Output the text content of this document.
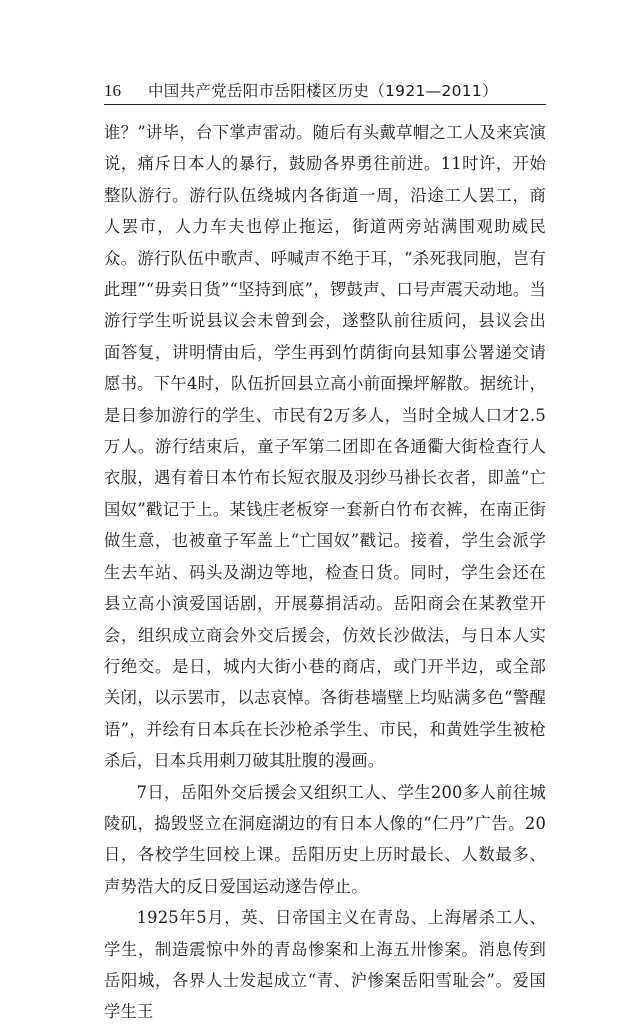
16	中国共产党岳阳市岳阳楼区历史（1921—2011）

谁？”讲毕，台下掌声雷动。随后有头戴草帽之工人及来宾演说，痛斥日本人的暴行，鼓励各界勇往前进。11时许，开始整队游行。游行队伍绕城内各街道一周，沿途工人罢工，商人罢市，人力车夫也停止拖运，街道两旁站满围观助威民众。游行队伍中歌声、呼喊声不绝于耳，“杀死我同胞，岂有此理”“毋卖日货”“坚持到底”，锣鼓声、口号声震天动地。当游行学生听说县议会未曾到会，遂整队前往质问，县议会出面答复，讲明情由后，学生再到竹荫街向县知事公署递交请愿书。下午4时，队伍折回县立高小前面操坪解散。据统计，是日参加游行的学生、市民有2万多人，当时全城人口才2.5万人。游行结束后，童子军第二团即在各通衢大街检查行人衣服，遇有着日本竹布长短衣服及羽纱马褂长衣者，即盖“亡国奴”戳记于上。某钱庄老板穿一套新白竹布衣裤，在南正街做生意，也被童子军盖上“亡国奴”戳记。接着，学生会派学生去车站、码头及湖边等地，检查日货。同时，学生会还在县立高小演爱国话剧，开展募捐活动。岳阳商会在某教堂开会，组织成立商会外交后援会，仿效长沙做法，与日本人实行绝交。是日，城内大街小巷的商店，或门开半边，或全部关闭，以示罢市，以志哀悼。各街巷墙壁上均贴满多色“警醒语”，并绘有日本兵在长沙枪杀学生、市民，和黄姓学生被枪杀后，日本兵用刺刀破其肚腹的漫画。

7日，岳阳外交后援会又组织工人、学生200多人前往城陵矶，捣毁竖立在洞庭湖边的有日本人像的“仁丹”广告。20日，各校学生回校上课。岳阳历史上历时最长、人数最多、声势浩大的反日爱国运动遂告停止。

1925年5月，英、日帝国主义在青岛、上海屠杀工人、学生，制造震惊中外的青岛惨案和上海五卅惨案。消息传到岳阳城，各界人士发起成立“青、沪惨案岳阳雪耻会”。爱国学生王
